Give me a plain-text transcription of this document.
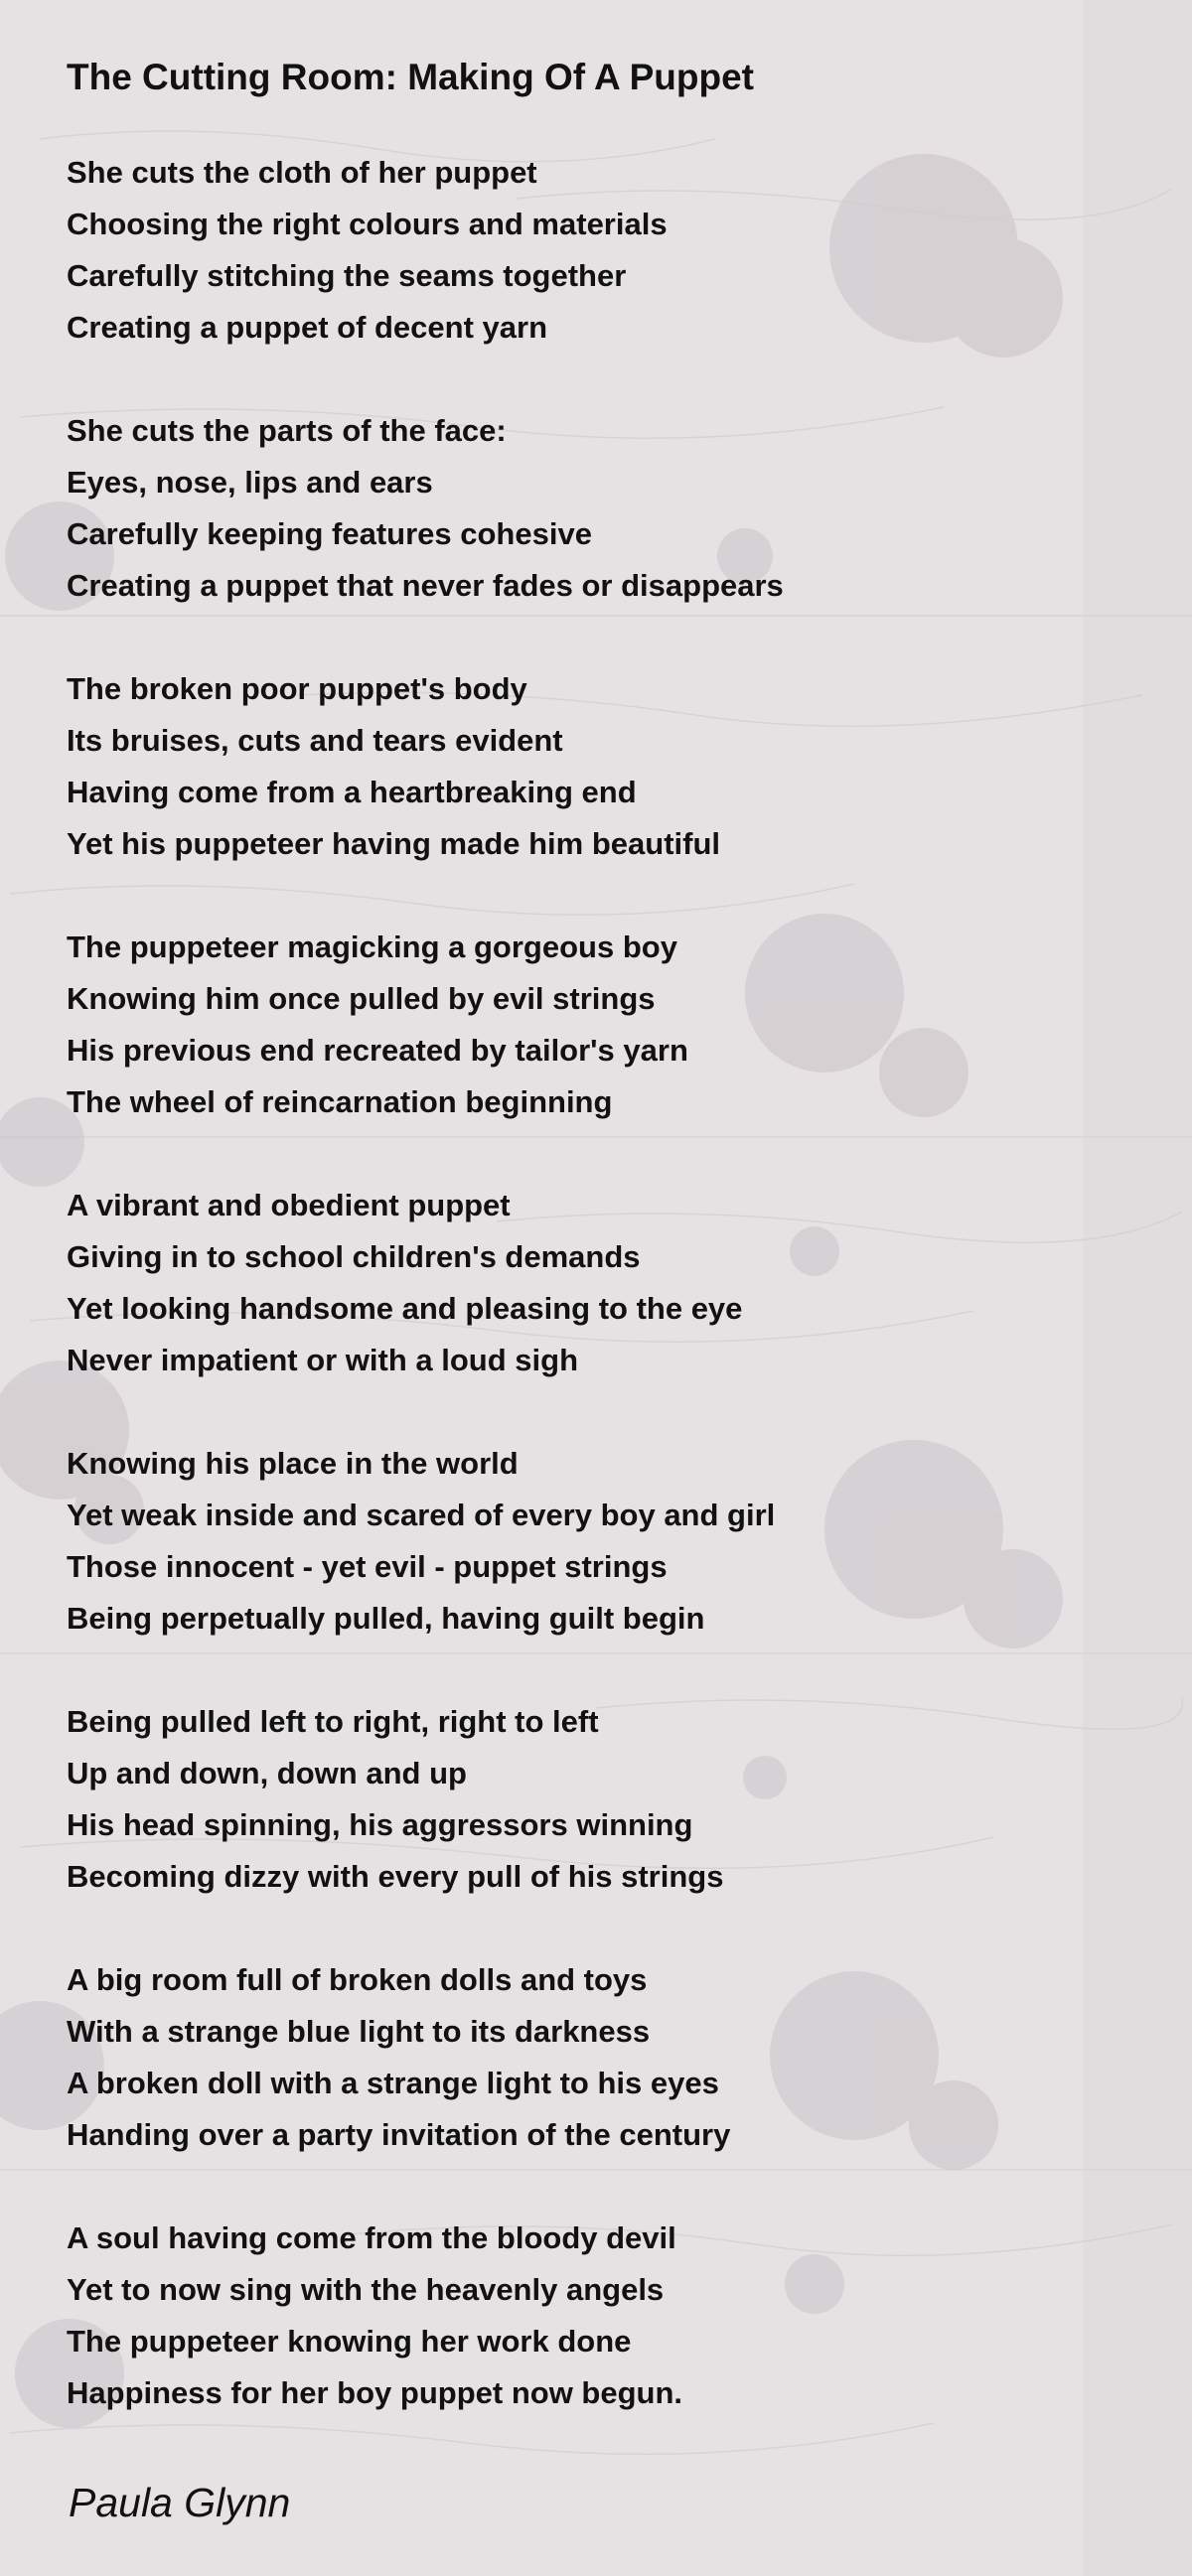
The Cutting Room: Making Of A Puppet
She cuts the cloth of her puppet
Choosing the right colours and materials
Carefully stitching the seams together
Creating a puppet of decent yarn
She cuts the parts of the face:
Eyes, nose, lips and ears
Carefully keeping features cohesive
Creating a puppet that never fades or disappears
The broken poor puppet's body
Its bruises, cuts and tears evident
Having come from a heartbreaking end
Yet his puppeteer having made him beautiful
The puppeteer magicking a gorgeous boy
Knowing him once pulled by evil strings
His previous end recreated by tailor's yarn
The wheel of reincarnation beginning
A vibrant and obedient puppet
Giving in to school children's demands
Yet looking handsome and pleasing to the eye
Never impatient or with a loud sigh
Knowing his place in the world
Yet weak inside and scared of every boy and girl
Those innocent - yet evil - puppet strings
Being perpetually pulled, having guilt begin
Being pulled left to right, right to left
Up and down, down and up
His head spinning, his aggressors winning
Becoming dizzy with every pull of his strings
A big room full of broken dolls and toys
With a strange blue light to its darkness
A broken doll with a strange light to his eyes
Handing over a party invitation of the century
A soul having come from the bloody devil
Yet to now sing with the heavenly angels
The puppeteer knowing her work done
Happiness for her boy puppet now begun.
Paula Glynn
